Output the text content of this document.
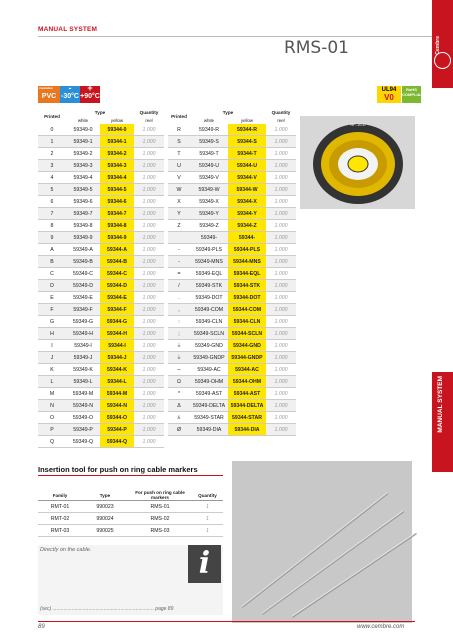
MANUAL SYSTEM
RMS-01	Cembre
MANUAL SYSTEM
insulation
PVC
-
-30°C
+
+90°C
UL94
V0
RoHS COMPLIANT
Printed	Type		Quantity
	white	yellow	reel
0	59349-0	59344-0	1.000
1	59349-1	59344-1	1.000
2	59349-2	59344-2	1.000
3	59349-3	59344-3	1.000
4	59349-4	59344-4	1.000
5	59349-5	59344-5	1.000
6	59349-6	59344-6	1.000
7	59349-7	59344-7	1.000
8	59349-8	59344-8	1.000
9	59349-9	59344-9	1.000
A	59349-A	59344-A	1.000
B	59349-B	59344-B	1.000
C	59349-C	59344-C	1.000
D	59349-D	59344-D	1.000
E	59349-E	59344-E	1.000
F	59349-F	59344-F	1.000
G	59349-G	59344-G	1.000
H	59349-H	59344-H	1.000
I	59349-I	59344-I	1.000
J	59349-J	59344-J	1.000
K	59349-K	59344-K	1.000
L	59349-L	59344-L	1.000
M	59349-M	59344-M	1.000
N	59349-N	59344-N	1.000
O	59349-O	59344-O	1.000
P	59349-P	59344-P	1.000
Q	59349-Q	59344-Q	1.000
Printed	Type		Quantity
	white	yellow	reel
R	59349-R	59344-R	1.000
S	59349-S	59344-S	1.000
T	59349-T	59344-T	1.000
U	59349-U	59344-U	1.000
V	59349-V	59344-V	1.000
W	59349-W	59344-W	1.000
X	59349-X	59344-X	1.000
Y	59349-Y	59344-Y	1.000
Z	59349-Z	59344-Z	1.000
	59349-	59344-	1.000
-	59349-PLS	59344-PLS	1.000
-	59349-MNS	59344-MNS	1.000
=	59349-EQL	59344-EQL	1.000
/	59349-STK	59344-STK	1.000
.	59349-DOT	59344-DOT	1.000
,	59349-COM	59344-COM	1.000
:	59349-CLN	59344-CLN	1.000
;	59349-SCLN	59344-SCLN	1.000
⏚	59349-GND	59344-GND	1.000
⏚	59349-GNDP	59344-GNDP	1.000
∼	59349-AC	59344-AC	1.000
Ω	59349-OHM	59344-OHM	1.000
*	59349-AST	59344-AST	1.000
Δ	59349-DELTA	59344-DELTA	1.000
⅄	59349-STAR	59344-STAR	1.000
Ø	59349-DIA	59344-DIA	1.000
RF-10-C
Insertion tool for push on ring cable markers
Family	Type	For push on ring cable markers	Quantity
RMT-01	990023	RMS-01	1
RMT-02	990024	RMS-02	1
RMT-03	990025	RMS-03	1
Directly on the cable.	i
(sec) ......................................................................... page 89
89	www.cembre.com
